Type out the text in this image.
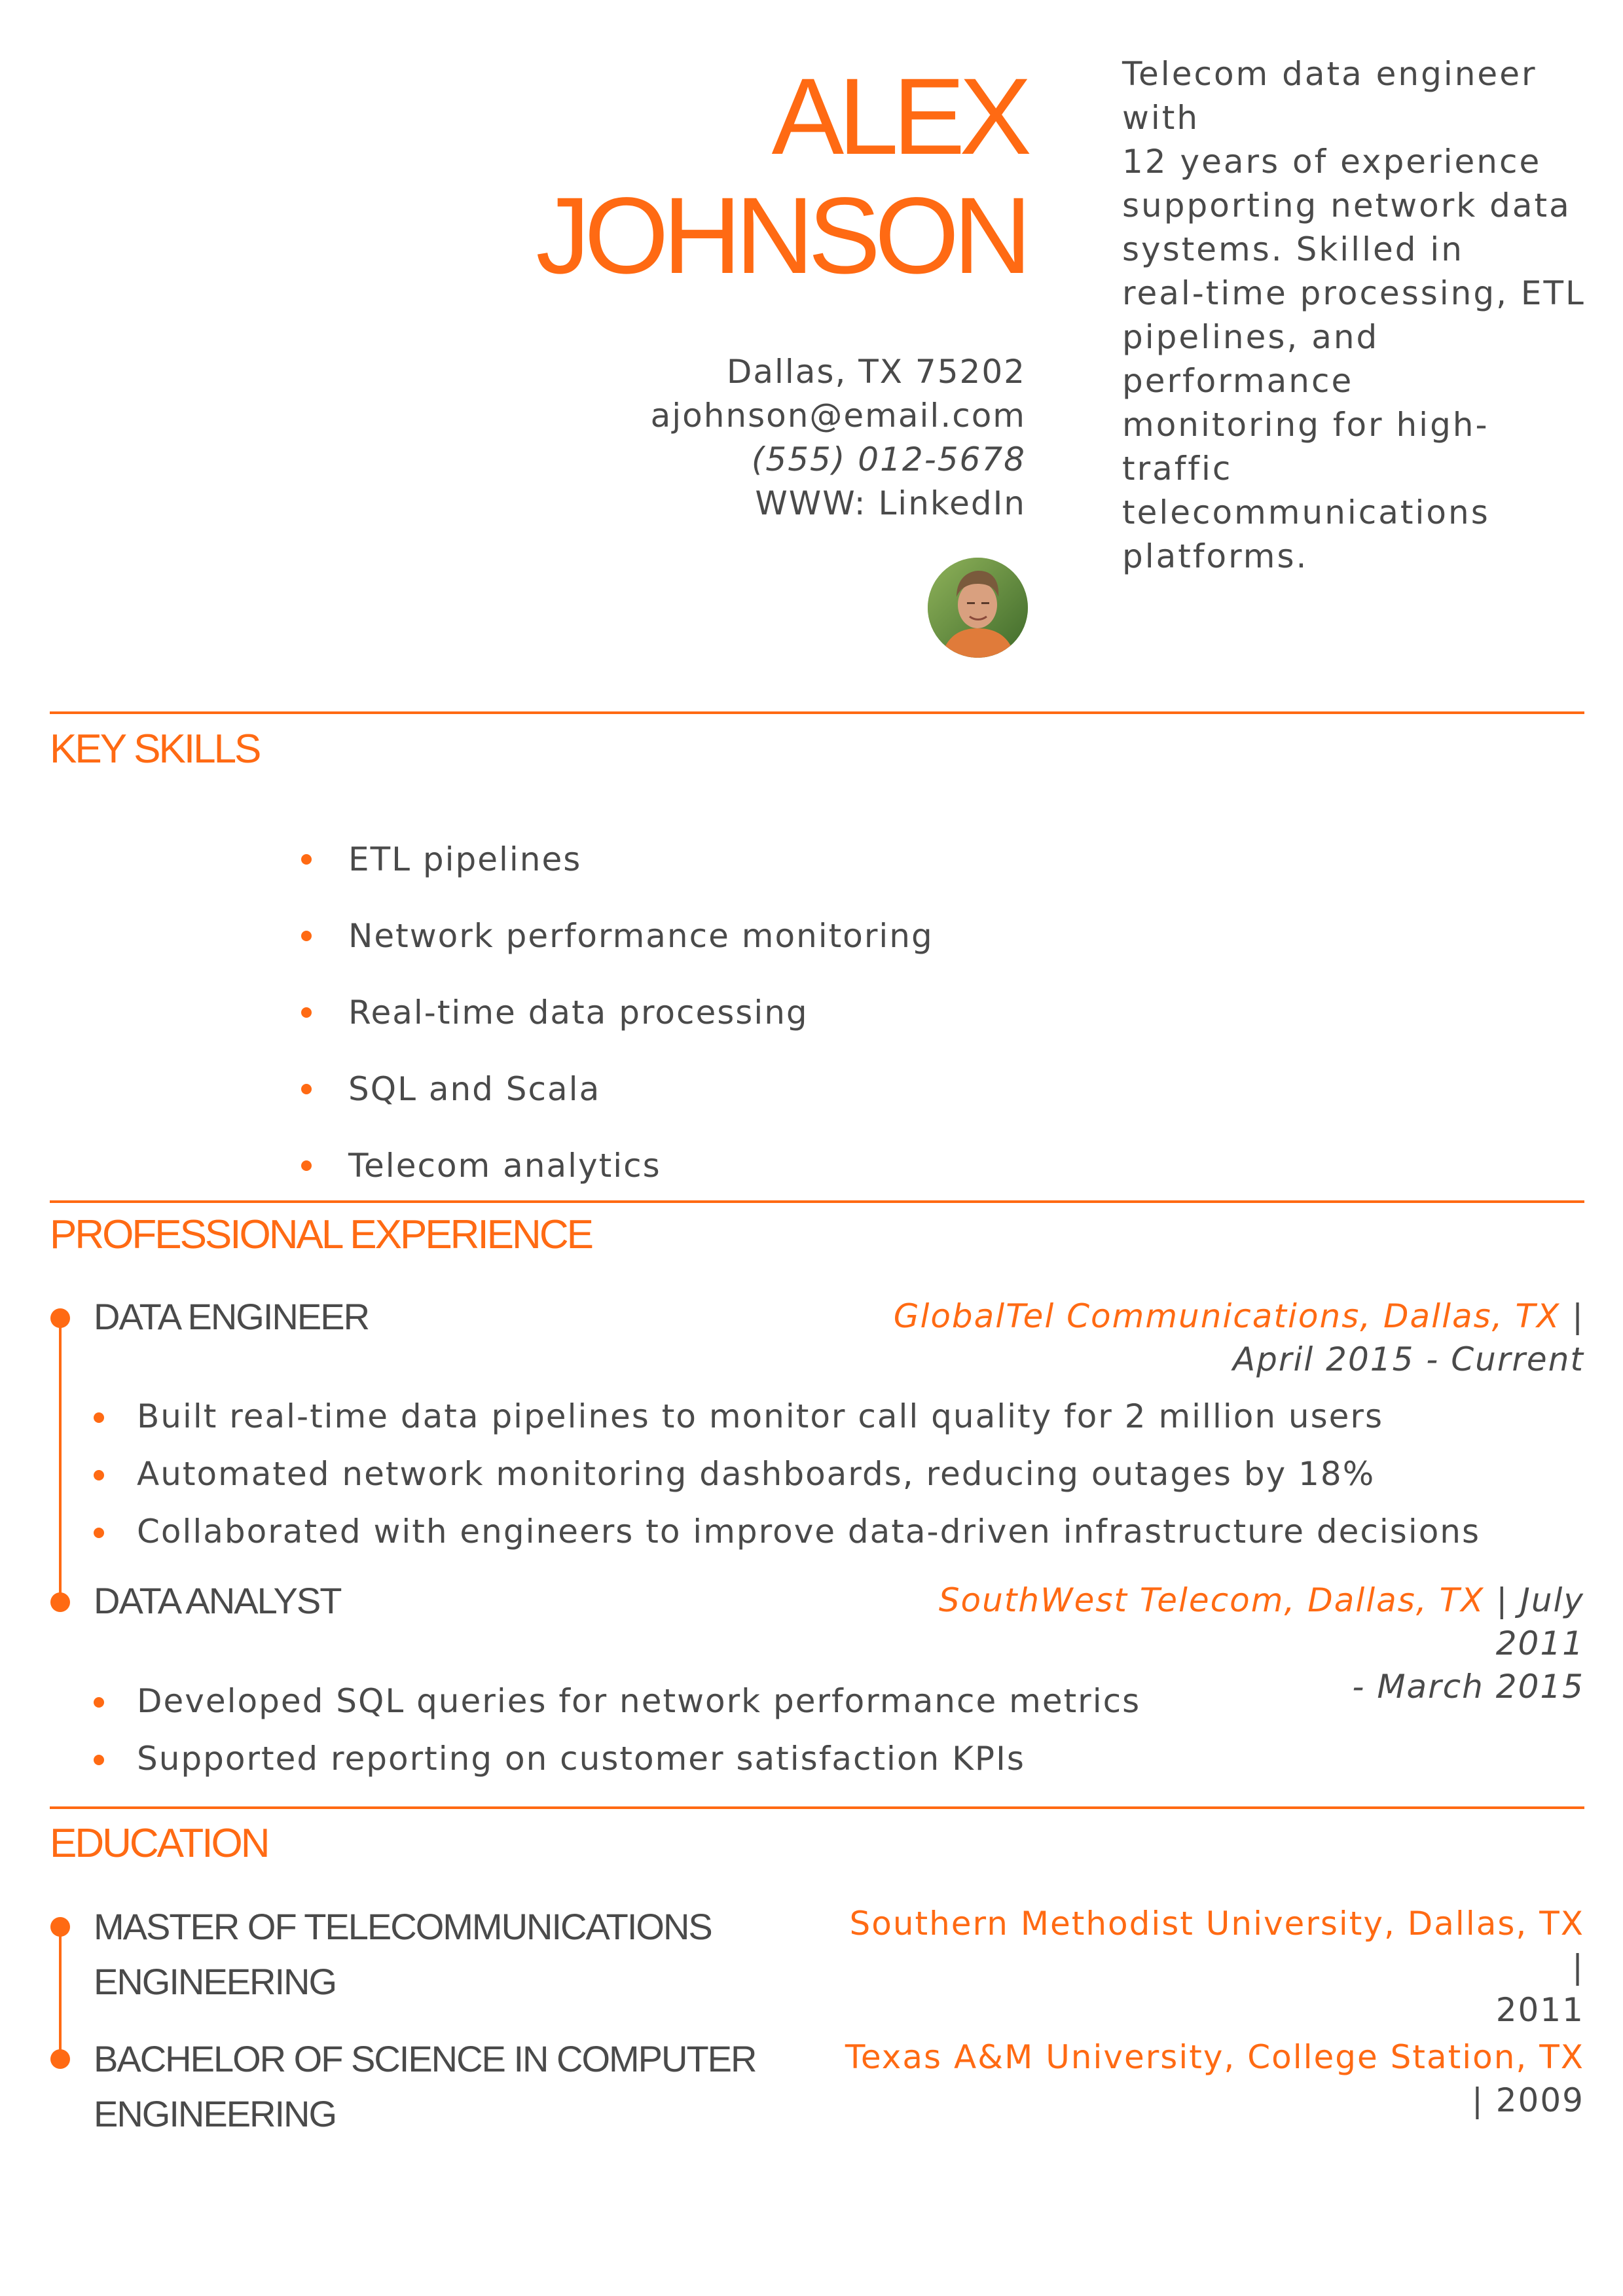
ALEX
JOHNSON
Dallas, TX 75202
ajohnson@email.com
(555) 012-5678
WWW: LinkedIn
Telecom data engineer with
12 years of experience
supporting network data
systems. Skilled in
real-time processing, ETL
pipelines, and performance
monitoring for high-traffic
telecommunications
platforms.
KEY SKILLS
ETL pipelines
Network performance monitoring
Real-time data processing
SQL and Scala
Telecom analytics
PROFESSIONAL EXPERIENCE
DATA ENGINEER	GlobalTel Communications, Dallas, TX |
April 2015 - Current
Built real-time data pipelines to monitor call quality for 2 million users
Automated network monitoring dashboards, reducing outages by 18%
Collaborated with engineers to improve data-driven infrastructure decisions
DATA ANALYST	SouthWest Telecom, Dallas, TX | July 2011
- March 2015
Developed SQL queries for network performance metrics
Supported reporting on customer satisfaction KPIs
EDUCATION
MASTER OF TELECOMMUNICATIONS
ENGINEERING
Southern Methodist University, Dallas, TX |
2011
BACHELOR OF SCIENCE IN COMPUTER
ENGINEERING
Texas A&M University, College Station, TX
| 2009
